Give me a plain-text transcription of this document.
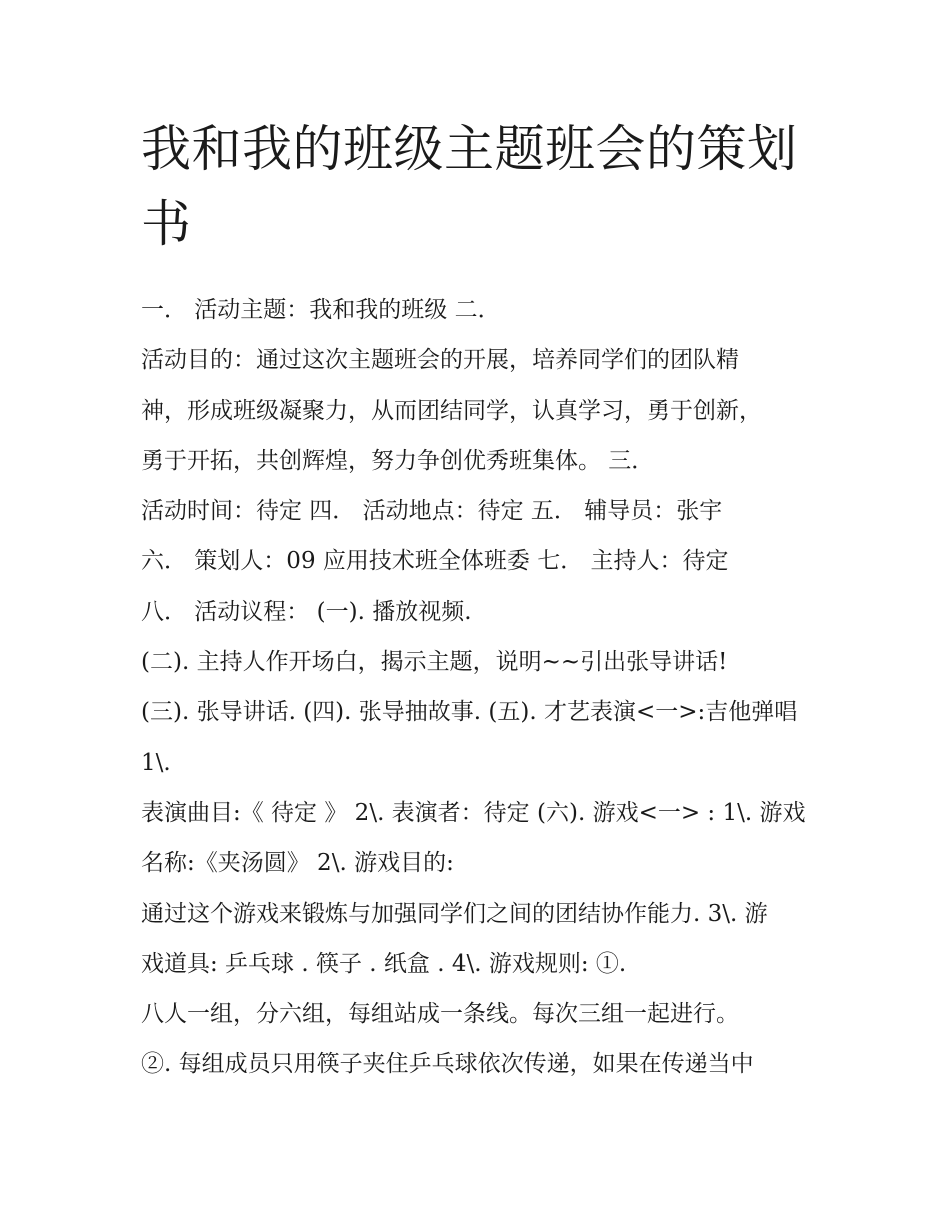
我和我的班级主题班会的策划
书
一． 活动主题：我和我的班级 二．
活动目的：通过这次主题班会的开展，培养同学们的团队精
神，形成班级凝聚力，从而团结同学，认真学习，勇于创新，
勇于开拓，共创辉煌，努力争创优秀班集体。 三．
活动时间：待定 四． 活动地点：待定 五． 辅导员：张宇
六． 策划人：09 应用技术班全体班委 七． 主持人：待定
八． 活动议程： (一). 播放视频.
(二). 主持人作开场白，揭示主题，说明~~引出张导讲话!
(三). 张导讲话. (四). 张导抽故事. (五). 才艺表演<一>:吉他弹唱
1\.
表演曲目:《 待定 》 2\. 表演者：待定 (六). 游戏<一> : 1\. 游戏
名称:《夹汤圆》 2\. 游戏目的:
通过这个游戏来锻炼与加强同学们之间的团结协作能力. 3\. 游
戏道具: 乒乓球 . 筷子 . 纸盒 . 4\. 游戏规则: ①.
八人一组，分六组，每组站成一条线。每次三组一起进行。
②. 每组成员只用筷子夹住乒乓球依次传递，如果在传递当中
